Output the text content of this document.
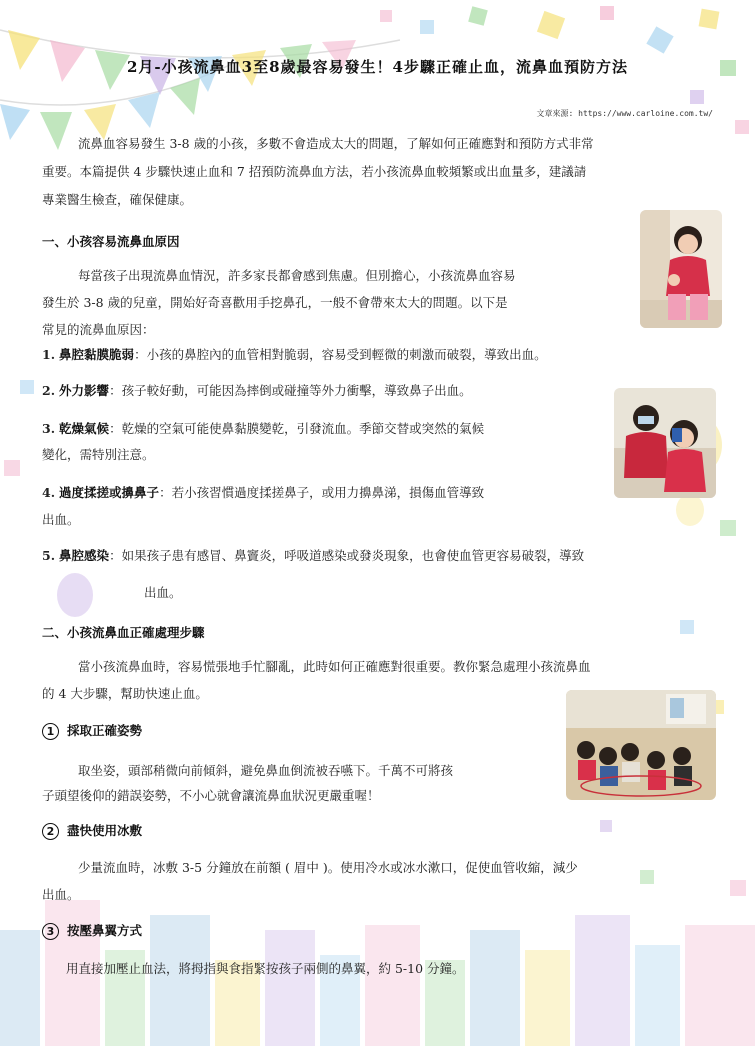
2月-小孩流鼻血3至8歲最容易發生！4步驟正確止血，流鼻血預防方法
文章來源: https://www.carloine.com.tw/
流鼻血容易發生 3-8 歲的小孩，多數不會造成太大的問題，了解如何正確應對和預防方式非常
重要。本篇提供 4 步驟快速止血和 7 招預防流鼻血方法，若小孩流鼻血較頻繁或出血量多，建議請
專業醫生檢查，確保健康。
一、小孩容易流鼻血原因
每當孩子出現流鼻血情況，許多家長都會感到焦慮。但別擔心，小孩流鼻血容易
發生於 3-8 歲的兒童，開始好奇喜歡用手挖鼻孔，一般不會帶來太大的問題。以下是
常見的流鼻血原因：
1. 鼻腔黏膜脆弱：小孩的鼻腔內的血管相對脆弱，容易受到輕微的刺激而破裂，導致出血。
2. 外力影響：孩子較好動，可能因為摔倒或碰撞等外力衝擊，導致鼻子出血。
3. 乾燥氣候：乾燥的空氣可能使鼻黏膜變乾，引發流血。季節交替或突然的氣候
變化，需特別注意。
4. 過度揉搓或擤鼻子：若小孩習慣過度揉搓鼻子，或用力擤鼻涕，損傷血管導致
出血。
5. 鼻腔感染：如果孩子患有感冒、鼻竇炎，呼吸道感染或發炎現象，也會使血管更容易破裂，導致
出血。
二、小孩流鼻血正確處理步驟
當小孩流鼻血時，容易慌張地手忙腳亂，此時如何正確應對很重要。教你緊急處理小孩流鼻血
的 4 大步驟，幫助快速止血。
1 採取正確姿勢
取坐姿，頭部稍微向前傾斜，避免鼻血倒流被吞嚥下。千萬不可將孩
子頭望後仰的錯誤姿勢，不小心就會讓流鼻血狀況更嚴重喔！
2 盡快使用冰敷
少量流血時，冰敷 3-5 分鐘放在前額 ( 眉中 )。使用冷水或冰水漱口，促使血管收縮，減少
出血。
3 按壓鼻翼方式
用直接加壓止血法，將拇指與食指緊按孩子兩側的鼻翼，約 5-10 分鐘。
